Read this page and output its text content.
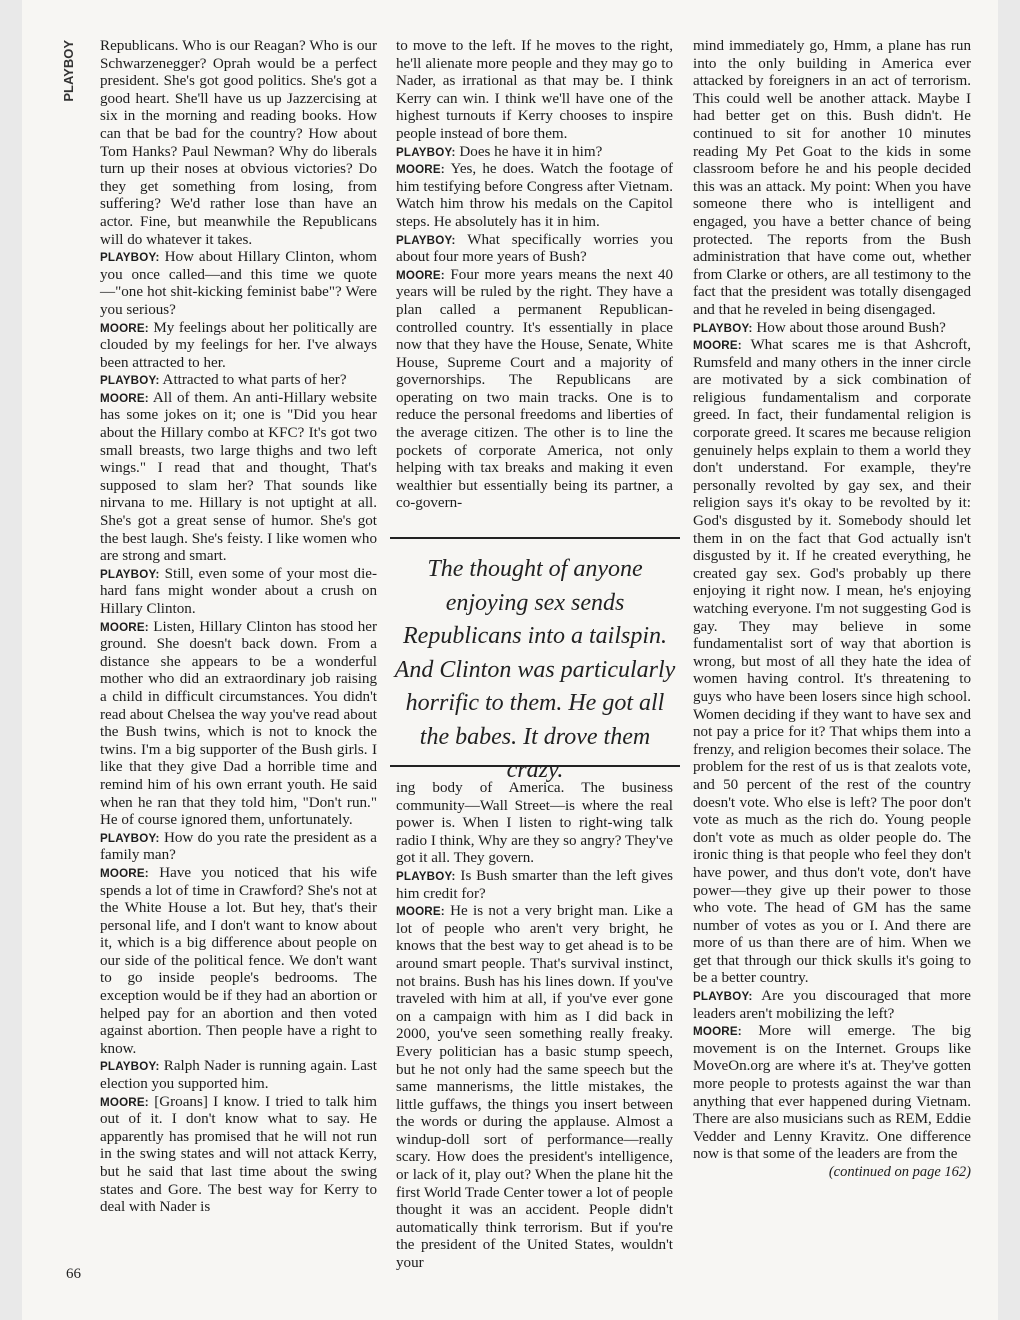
PLAYBOY Republicans. Who is our Reagan? Who is our Schwarzenegger? Oprah would be a perfect president. She's got good politics. She's got a good heart. She'll have us up Jazzercising at six in the morning and reading books. How can that be bad for the country? How about Tom Hanks? Paul Newman? Why do liberals turn up their noses at obvious victories? Do they get something from losing, from suffering? We'd rather lose than have an actor. Fine, but meanwhile the Republicans will do whatever it takes.

PLAYBOY: How about Hillary Clinton, whom you once called—and this time we quote—"one hot shit-kicking feminist babe"? Were you serious?

MOORE: My feelings about her politically are clouded by my feelings for her. I've always been attracted to her.

PLAYBOY: Attracted to what parts of her?

MOORE: All of them. An anti-Hillary website has some jokes on it; one is "Did you hear about the Hillary combo at KFC? It's got two small breasts, two large thighs and two left wings." I read that and thought, That's supposed to slam her? That sounds like nirvana to me. Hillary is not uptight at all. She's got a great sense of humor. She's got the best laugh. She's feisty. I like women who are strong and smart.

PLAYBOY: Still, even some of your most die-hard fans might wonder about a crush on Hillary Clinton.

MOORE: Listen, Hillary Clinton has stood her ground. She doesn't back down. From a distance she appears to be a wonderful mother who did an extraordinary job raising a child in difficult circumstances. You didn't read about Chelsea the way you've read about the Bush twins, which is not to knock the twins. I'm a big supporter of the Bush girls. I like that they give Dad a horrible time and remind him of his own errant youth. He said when he ran that they told him, "Don't run." He of course ignored them, unfortunately.

PLAYBOY: How do you rate the president as a family man?

MOORE: Have you noticed that his wife spends a lot of time in Crawford? She's not at the White House a lot. But hey, that's their personal life, and I don't want to know about it, which is a big difference about people on our side of the political fence. We don't want to go inside people's bedrooms. The exception would be if they had an abortion or helped pay for an abortion and then voted against abortion. Then people have a right to know.

PLAYBOY: Ralph Nader is running again. Last election you supported him.

MOORE: [Groans] I know. I tried to talk him out of it. I don't know what to say. He apparently has promised that he will not run in the swing states and will not attack Kerry, but he said that last time about the swing states and Gore. The best way for Kerry to deal with Nader is

to move to the left. If he moves to the right, he'll alienate more people and they may go to Nader, as irrational as that may be. I think Kerry can win. I think we'll have one of the highest turnouts if Kerry chooses to inspire people instead of bore them.

PLAYBOY: Does he have it in him?

MOORE: Yes, he does. Watch the footage of him testifying before Congress after Vietnam. Watch him throw his medals on the Capitol steps. He absolutely has it in him.

PLAYBOY: What specifically worries you about four more years of Bush?

MOORE: Four more years means the next 40 years will be ruled by the right. They have a plan called a permanent Republican-controlled country. It's essentially in place now that they have the House, Senate, White House, Supreme Court and a majority of governorships. The Republicans are operating on two main tracks. One is to reduce the personal freedoms and liberties of the average citizen. The other is to line the pockets of corporate America, not only helping with tax breaks and making it even wealthier but essentially being its partner, a co-govern-

The thought of anyone enjoying sex sends Republicans into a tailspin. And Clinton was particularly horrific to them. He got all the babes. It drove them crazy.

ing body of America. The business community—Wall Street—is where the real power is. When I listen to right-wing talk radio I think, Why are they so angry? They've got it all. They govern.

PLAYBOY: Is Bush smarter than the left gives him credit for?

MOORE: He is not a very bright man. Like a lot of people who aren't very bright, he knows that the best way to get ahead is to be around smart people. That's survival instinct, not brains. Bush has his lines down. If you've traveled with him at all, if you've ever gone on a campaign with him as I did back in 2000, you've seen something really freaky. Every politician has a basic stump speech, but he not only had the same speech but the same mannerisms, the little mistakes, the little guffaws, the things you insert between the words or during the applause. Almost a windup-doll sort of performance—really scary. How does the president's intelligence, or lack of it, play out? When the plane hit the first World Trade Center tower a lot of people thought it was an accident. People didn't automatically think terrorism. But if you're the president of the United States, wouldn't your

mind immediately go, Hmm, a plane has run into the only building in America ever attacked by foreigners in an act of terrorism. This could well be another attack. Maybe I had better get on this. Bush didn't. He continued to sit for another 10 minutes reading My Pet Goat to the kids in some classroom before he and his people decided this was an attack. My point: When you have someone there who is intelligent and engaged, you have a better chance of being protected. The reports from the Bush administration that have come out, whether from Clarke or others, are all testimony to the fact that the president was totally disengaged and that he reveled in being disengaged.

PLAYBOY: How about those around Bush?

MOORE: What scares me is that Ashcroft, Rumsfeld and many others in the inner circle are motivated by a sick combination of religious fundamentalism and corporate greed. In fact, their fundamental religion is corporate greed. It scares me because religion genuinely helps explain to them a world they don't understand. For example, they're personally revolted by gay sex, and their religion says it's okay to be revolted by it: God's disgusted by it. Somebody should let them in on the fact that God actually isn't disgusted by it. If he created everything, he created gay sex. God's probably up there enjoying it right now. I mean, he's enjoying watching everyone. I'm not suggesting God is gay. They may believe in some fundamentalist sort of way that abortion is wrong, but most of all they hate the idea of women having control. It's threatening to guys who have been losers since high school. Women deciding if they want to have sex and not pay a price for it? That whips them into a frenzy, and religion becomes their solace. The problem for the rest of us is that zealots vote, and 50 percent of the rest of the country doesn't vote. Who else is left? The poor don't vote as much as the rich do. Young people don't vote as much as older people do. The ironic thing is that people who feel they don't have power, and thus don't vote, don't have power—they give up their power to those who vote. The head of GM has the same number of votes as you or I. And there are more of us than there are of him. When we get that through our thick skulls it's going to be a better country.

PLAYBOY: Are you discouraged that more leaders aren't mobilizing the left?

MOORE: More will emerge. The big movement is on the Internet. Groups like MoveOn.org are where it's at. They've gotten more people to protests against the war than anything that ever happened during Vietnam. There are also musicians such as REM, Eddie Vedder and Lenny Kravitz. One difference now is that some of the leaders are from the

(continued on page 162)

66
